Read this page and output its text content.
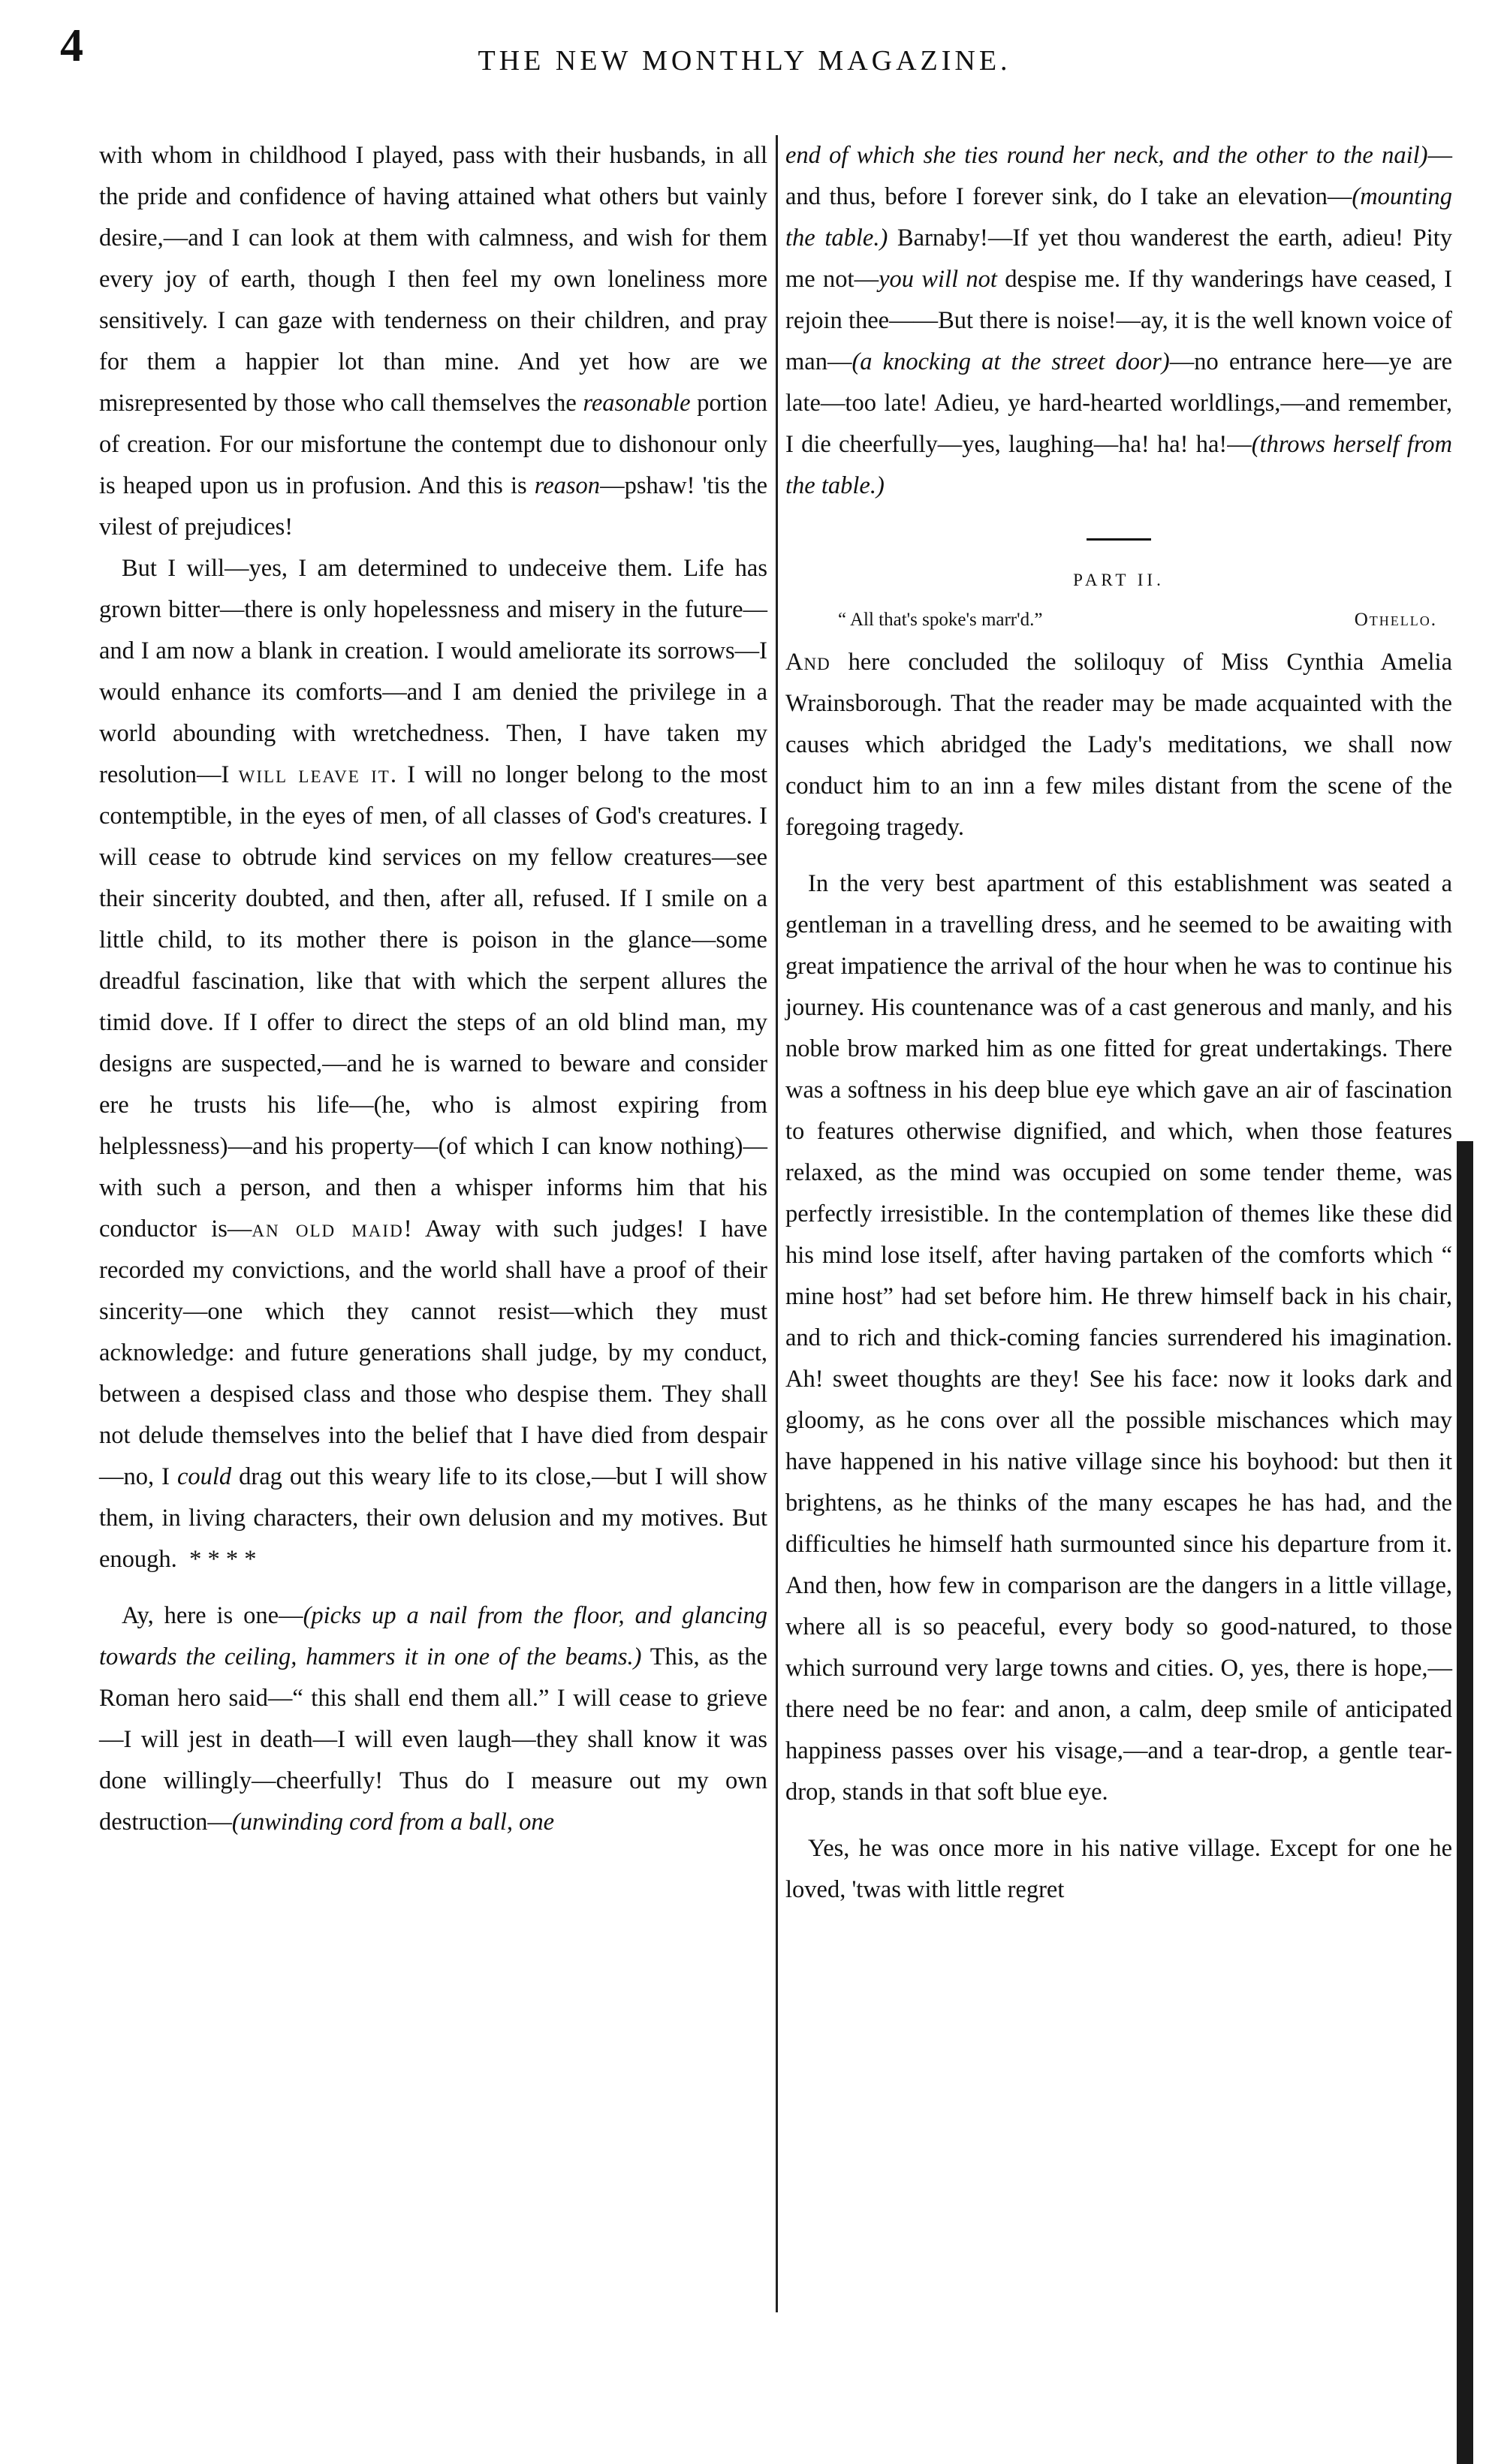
4	THE NEW MONTHLY MAGAZINE.

with whom in childhood I played, pass with their husbands, in all the pride and confidence of having attained what others but vainly desire,—and I can look at them with calmness, and wish for them every joy of earth, though I then feel my own loneliness more sensitively. I can gaze with tenderness on their children, and pray for them a happier lot than mine. And yet how are we misrepresented by those who call themselves the reasonable portion of creation. For our misfortune the contempt due to dishonour only is heaped upon us in profusion. And this is reason—pshaw! 'tis the vilest of prejudices!

But I will—yes, I am determined to undeceive them. Life has grown bitter—there is only hopelessness and misery in the future—and I am now a blank in creation. I would ameliorate its sorrows—I would enhance its comforts—and I am denied the privilege in a world abounding with wretchedness. Then, I have taken my resolution—I will leave it. I will no longer belong to the most contemptible, in the eyes of men, of all classes of God's creatures. I will cease to obtrude kind services on my fellow creatures—see their sincerity doubted, and then, after all, refused. If I smile on a little child, to its mother there is poison in the glance—some dreadful fascination, like that with which the serpent allures the timid dove. If I offer to direct the steps of an old blind man, my designs are suspected,—and he is warned to beware and consider ere he trusts his life—(he, who is almost expiring from helplessness)—and his property—(of which I can know nothing)—with such a person, and then a whisper informs him that his conductor is—an old maid! Away with such judges! I have recorded my convictions, and the world shall have a proof of their sincerity—one which they cannot resist—which they must acknowledge: and future generations shall judge, by my conduct, between a despised class and those who despise them. They shall not delude themselves into the belief that I have died from despair—no, I could drag out this weary life to its close,—but I will show them, in living characters, their own delusion and my motives. But enough. * * * *

Ay, here is one—(picks up a nail from the floor, and glancing towards the ceiling, hammers it in one of the beams.) This, as the Roman hero said—“ this shall end them all.” I will cease to grieve—I will jest in death—I will even laugh—they shall know it was done willingly—cheerfully! Thus do I measure out my own destruction—(unwinding cord from a ball, one

end of which she ties round her neck, and the other to the nail)—and thus, before I forever sink, do I take an elevation—(mounting the table.) Barnaby!—If yet thou wanderest the earth, adieu! Pity me not—you will not despise me. If thy wanderings have ceased, I rejoin thee——But there is noise!—ay, it is the well known voice of man—(a knocking at the street door)—no entrance here—ye are late—too late! Adieu, ye hard-hearted worldlings,—and remember, I die cheerfully—yes, laughing—ha! ha! ha!—(throws herself from the table.)

PART II.
“ All that's spoke's marr'd.”	Othello.

And here concluded the soliloquy of Miss Cynthia Amelia Wrainsborough. That the reader may be made acquainted with the causes which abridged the Lady's meditations, we shall now conduct him to an inn a few miles distant from the scene of the foregoing tragedy.

In the very best apartment of this establishment was seated a gentleman in a travelling dress, and he seemed to be awaiting with great impatience the arrival of the hour when he was to continue his journey. His countenance was of a cast generous and manly, and his noble brow marked him as one fitted for great undertakings. There was a softness in his deep blue eye which gave an air of fascination to features otherwise dignified, and which, when those features relaxed, as the mind was occupied on some tender theme, was perfectly irresistible. In the contemplation of themes like these did his mind lose itself, after having partaken of the comforts which “ mine host” had set before him. He threw himself back in his chair, and to rich and thick-coming fancies surrendered his imagination. Ah! sweet thoughts are they! See his face: now it looks dark and gloomy, as he cons over all the possible mischances which may have happened in his native village since his boyhood: but then it brightens, as he thinks of the many escapes he has had, and the difficulties he himself hath surmounted since his departure from it. And then, how few in comparison are the dangers in a little village, where all is so peaceful, every body so good-natured, to those which surround very large towns and cities. O, yes, there is hope,—there need be no fear: and anon, a calm, deep smile of anticipated happiness passes over his visage,—and a tear-drop, a gentle tear-drop, stands in that soft blue eye.

Yes, he was once more in his native village. Except for one he loved, 'twas with little regret
